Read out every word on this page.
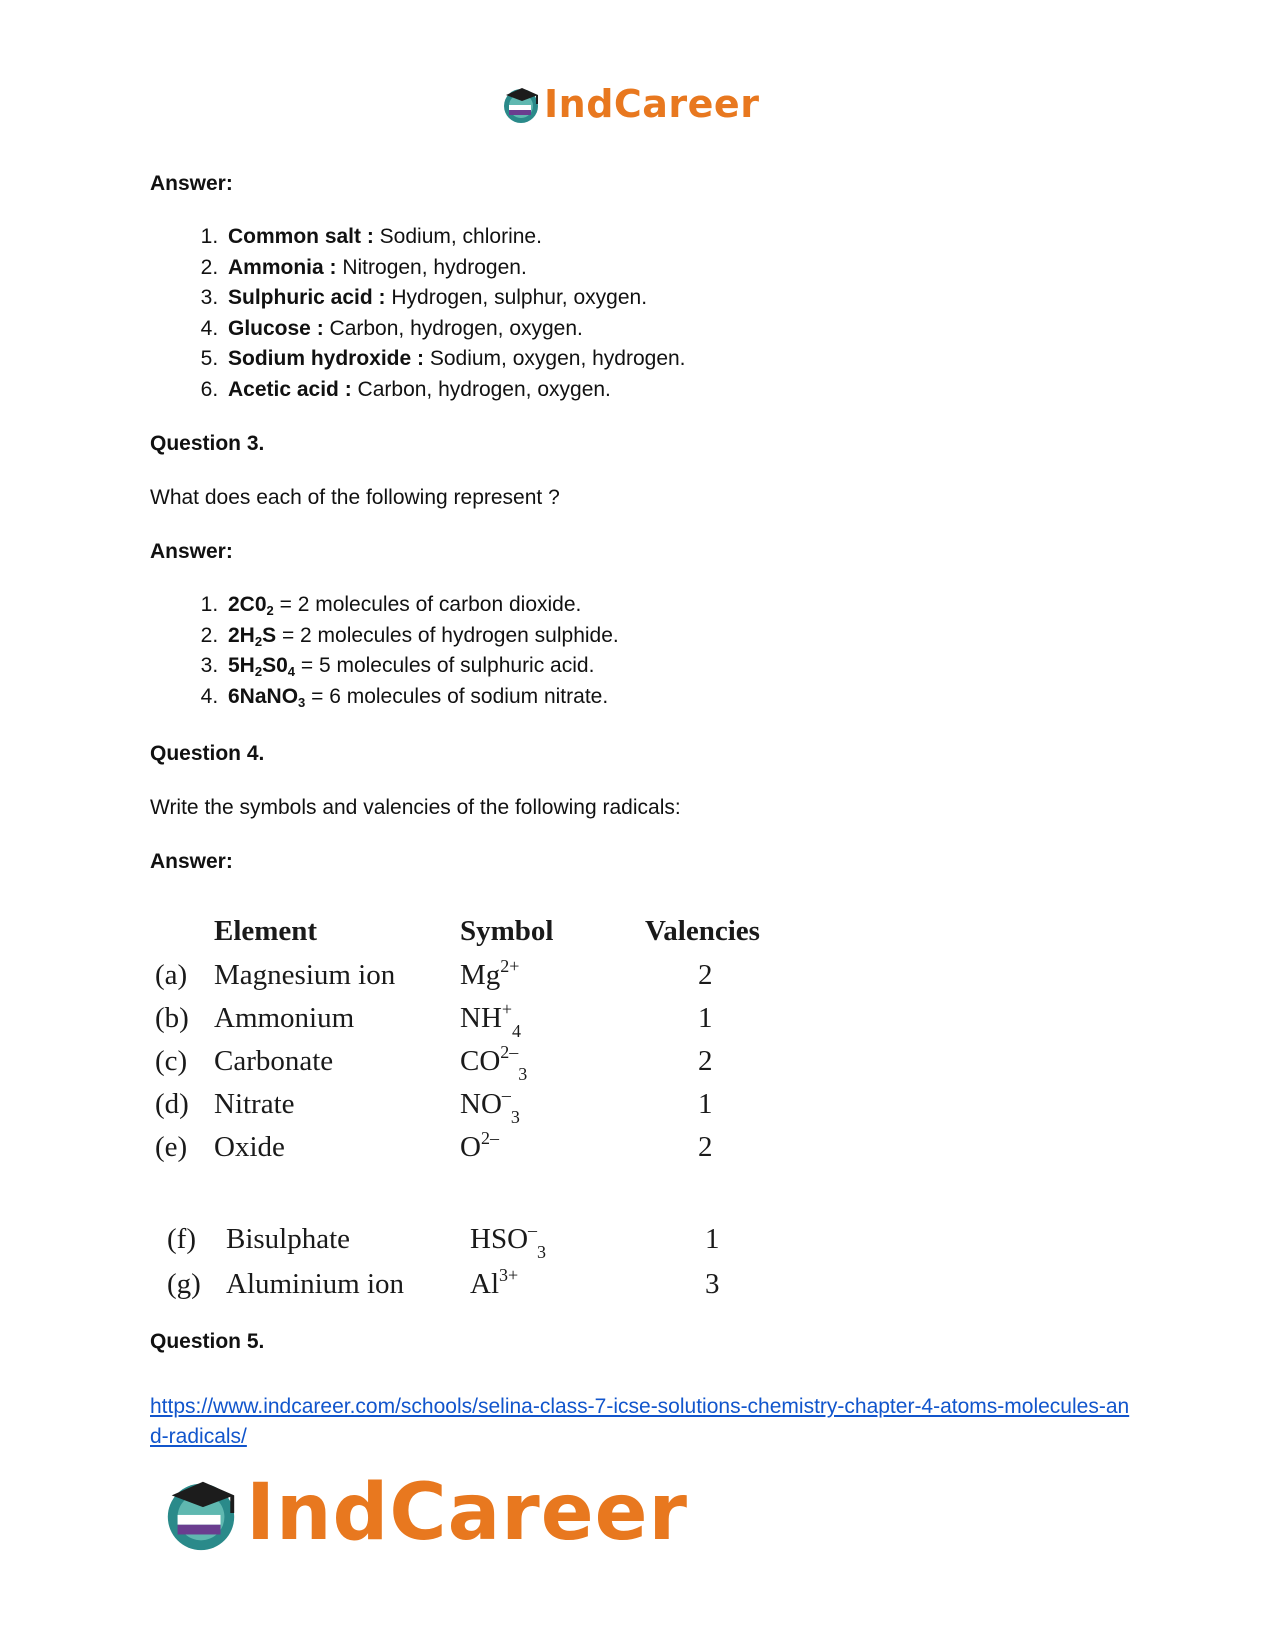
IndCareer
Answer:
1. Common salt : Sodium, chlorine.
2. Ammonia : Nitrogen, hydrogen.
3. Sulphuric acid : Hydrogen, sulphur, oxygen.
4. Glucose : Carbon, hydrogen, oxygen.
5. Sodium hydroxide : Sodium, oxygen, hydrogen.
6. Acetic acid : Carbon, hydrogen, oxygen.
Question 3.
What does each of the following represent ?
Answer:
1. $2C0_2 = 2$ molecules of carbon dioxide.
2. $2H_2S = 2$ molecules of hydrogen sulphide.
3. $5H_2S0_4 = 5$ molecules of sulphuric acid.
4. 6NaNO$_3$ = 6 molecules of sodium nitrate.
Question 4.
Write the symbols and valencies of the following radicals:
Answer:
Question 5.
Element	Symbol	Valencies
(a) Magnesium ion $Mg^{2+}$	2
(b) Ammonium	$NH^+_4$	1
(c) Carbonate	$CO^{2-}_3$	2
(d) Nitrate	$NO^-_3$	1
(e) Oxide	$O^{2-}$	2
(f) Bisulphate	$HSO^-_3$	1
(g) Aluminium ion $Al^{3+}$	3
https://www.indcareer.com/schools/selina-class-7-icse-solutions-chemistry-chapter-4-atoms-molecules-and-radicals/
IndCareer
